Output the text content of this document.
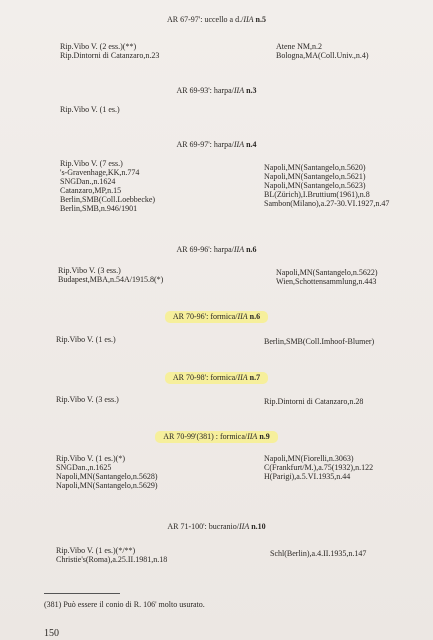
AR 67-97': uccello a d./IIA n.5
Rip.Vibo V. (2 ess.)(**)
Rip.Dintorni di Catanzaro,n.23
Atene NM,n.2
Bologna,MA(Coll.Univ.,n.4)
AR 69-93': harpa/IIA n.3
Rip.Vibo V. (1 es.)
AR 69-97': harpa/IIA n.4
Rip.Vibo V. (7 ess.)
's-Gravenhage,KK,n.774
SNGDan.,n.1624
Catanzaro,MP,n.15
Berlin,SMB(Coll.Loebbecke)
Berlin,SMB,n.946/1901
Napoli,MN(Santangelo,n.5620)
Napoli,MN(Santangelo,n.5621)
Napoli,MN(Santangelo,n.5623)
BL(Zürich),I.Bruttium(1961),n.8
Sambon(Milano),a.27-30.VI.1927,n.47
AR 69-96': harpa/IIA n.6
Rip.Vibo V. (3 ess.)
Budapest,MBA,n.54A/1915.8(*)
Napoli,MN(Santangelo,n.5622)
Wien,Schottensammlung,n.443
AR 70-96': formica/IIA n.6
Rip.Vibo V. (1 es.)	Berlin,SMB(Coll.Imhoof-Blumer)
AR 70-98': formica/IIA n.7
Rip.Vibo V. (3 ess.)	Rip.Dintorni di Catanzaro,n.28
AR 70-99'(381) : formica/IIA n.9
Rip.Vibo V. (1 es.)(*)
SNGDan.,n.1625
Napoli,MN(Santangelo,n.5628)
Napoli,MN(Santangelo,n.5629)
Napoli,MN(Fiorelli,n.3063)
C(Frankfurt/M.),a.75(1932),n.122
H(Parigi),a.5.VI.1935,n.44
AR 71-100': bucranio/IIA n.10
Rip.Vibo V. (1 es.)(*/**)
Christie's(Roma),a.25.II.1981,n.18
Schl(Berlin),a.4.II.1935,n.147
(381) Può essere il conio di R. 106' molto usurato.
150
